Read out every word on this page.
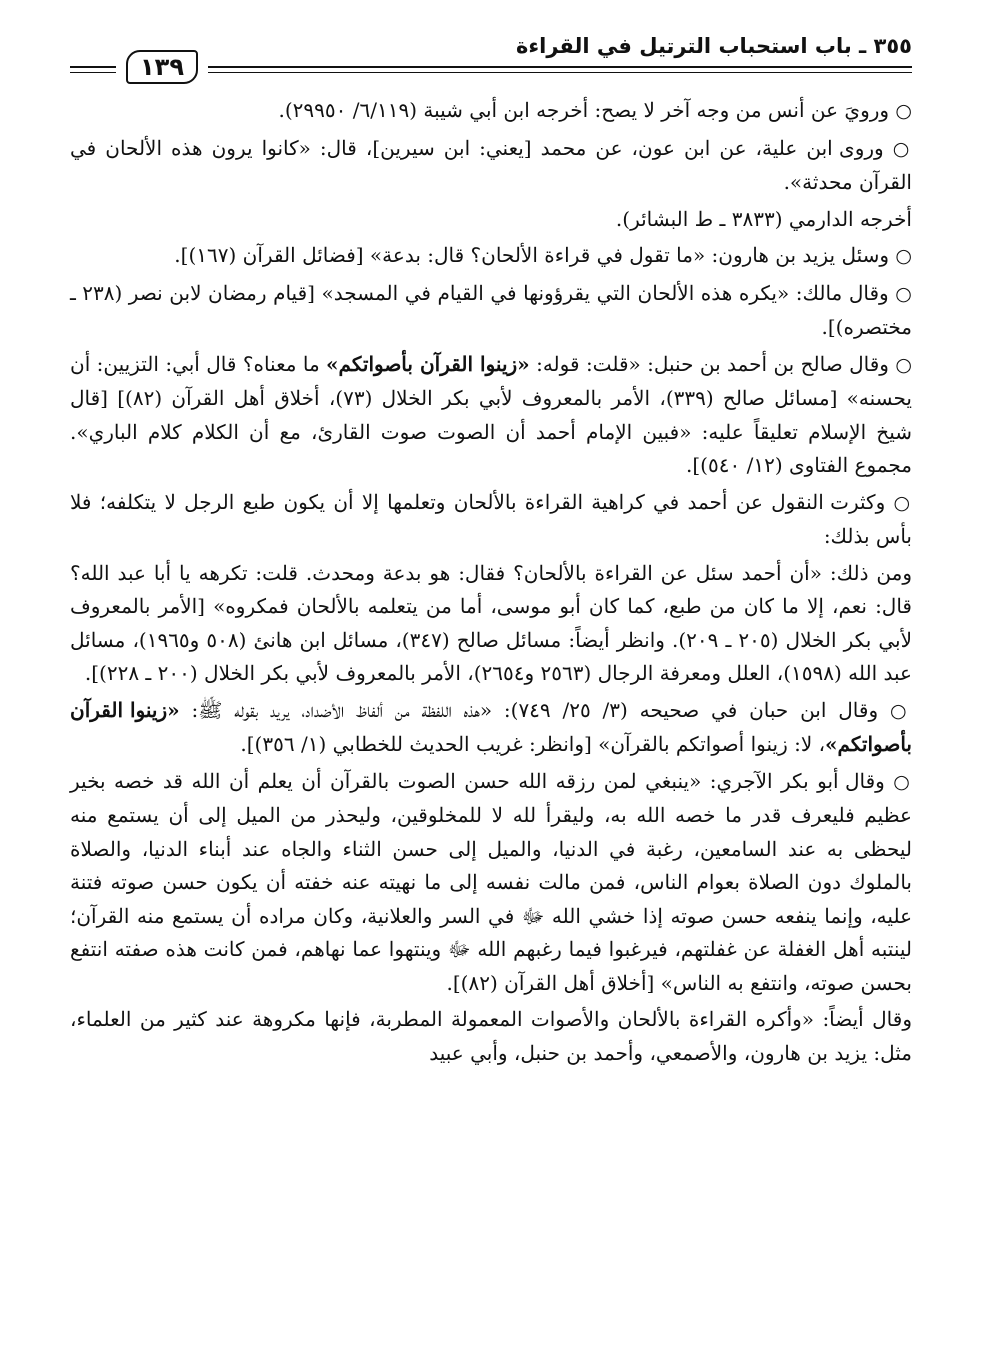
٣٥٥ ـ باب استحباب الترتيل في القراءة
١٣٩

○ ورويَ عن أنس من وجه آخر لا يصح: أخرجه ابن أبي شيبة (٦/١١٩/ ٢٩٩٥٠).

○ وروى ابن علية، عن ابن عون، عن محمد [يعني: ابن سيرين]، قال: «كانوا يرون هذه الألحان في القرآن محدثة».

أخرجه الدارمي (٣٨٣٣ ـ ط البشائر).

○ وسئل يزيد بن هارون: «ما تقول في قراءة الألحان؟ قال: بدعة» [فضائل القرآن (١٦٧)].

○ وقال مالك: «يكره هذه الألحان التي يقرؤونها في القيام في المسجد» [قيام رمضان لابن نصر (٢٣٨ ـ مختصره)].

○ وقال صالح بن أحمد بن حنبل: «قلت: قوله: «زينوا القرآن بأصواتكم» ما معناه؟ قال أبي: التزيين: أن يحسنه» [مسائل صالح (٣٣٩)، الأمر بالمعروف لأبي بكر الخلال (٧٣)، أخلاق أهل القرآن (٨٢)] [قال شيخ الإسلام تعليقاً عليه: «فبين الإمام أحمد أن الصوت صوت القارئ، مع أن الكلام كلام الباري». مجموع الفتاوى (١٢/ ٥٤٠)].

○ وكثرت النقول عن أحمد في كراهية القراءة بالألحان وتعلمها إلا أن يكون طبع الرجل لا يتكلفه؛ فلا بأس بذلك:

ومن ذلك: «أن أحمد سئل عن القراءة بالألحان؟ فقال: هو بدعة ومحدث. قلت: تكرهه يا أبا عبد الله؟ قال: نعم، إلا ما كان من طبع، كما كان أبو موسى، أما من يتعلمه بالألحان فمكروه» [الأمر بالمعروف لأبي بكر الخلال (٢٠٥ ـ ٢٠٩). وانظر أيضاً: مسائل صالح (٣٤٧)، مسائل ابن هانئ (٥٠٨ و١٩٦٥)، مسائل عبد الله (١٥٩٨)، العلل ومعرفة الرجال (٢٥٦٣ و٢٦٥٤)، الأمر بالمعروف لأبي بكر الخلال (٢٠٠ ـ ٢٢٨)].

○ وقال ابن حبان في صحيحه (٣/ ٢٥/ ٧٤٩): «هذه اللفظة من ألفاظ الأضداد، يريد بقوله ﷺ: «زينوا القرآن بأصواتكم»، لا: زينوا أصواتكم بالقرآن» [وانظر: غريب الحديث للخطابي (١/ ٣٥٦)].

○ وقال أبو بكر الآجري: «ينبغي لمن رزقه الله حسن الصوت بالقرآن أن يعلم أن الله قد خصه بخير عظيم فليعرف قدر ما خصه الله به، وليقرأ لله لا للمخلوقين، وليحذر من الميل إلى أن يستمع منه ليحظى به عند السامعين، رغبة في الدنيا، والميل إلى حسن الثناء والجاه عند أبناء الدنيا، والصلاة بالملوك دون الصلاة بعوام الناس، فمن مالت نفسه إلى ما نهيته عنه خفته أن يكون حسن صوته فتنة عليه، وإنما ينفعه حسن صوته إذا خشي الله ﷻ في السر والعلانية، وكان مراده أن يستمع منه القرآن؛ لينتبه أهل الغفلة عن غفلتهم، فيرغبوا فيما رغبهم الله ﷻ وينتهوا عما نهاهم، فمن كانت هذه صفته انتفع بحسن صوته، وانتفع به الناس» [أخلاق أهل القرآن (٨٢)].

وقال أيضاً: «وأكره القراءة بالألحان والأصوات المعمولة المطربة، فإنها مكروهة عند كثير من العلماء، مثل: يزيد بن هارون، والأصمعي، وأحمد بن حنبل، وأبي عبيد
